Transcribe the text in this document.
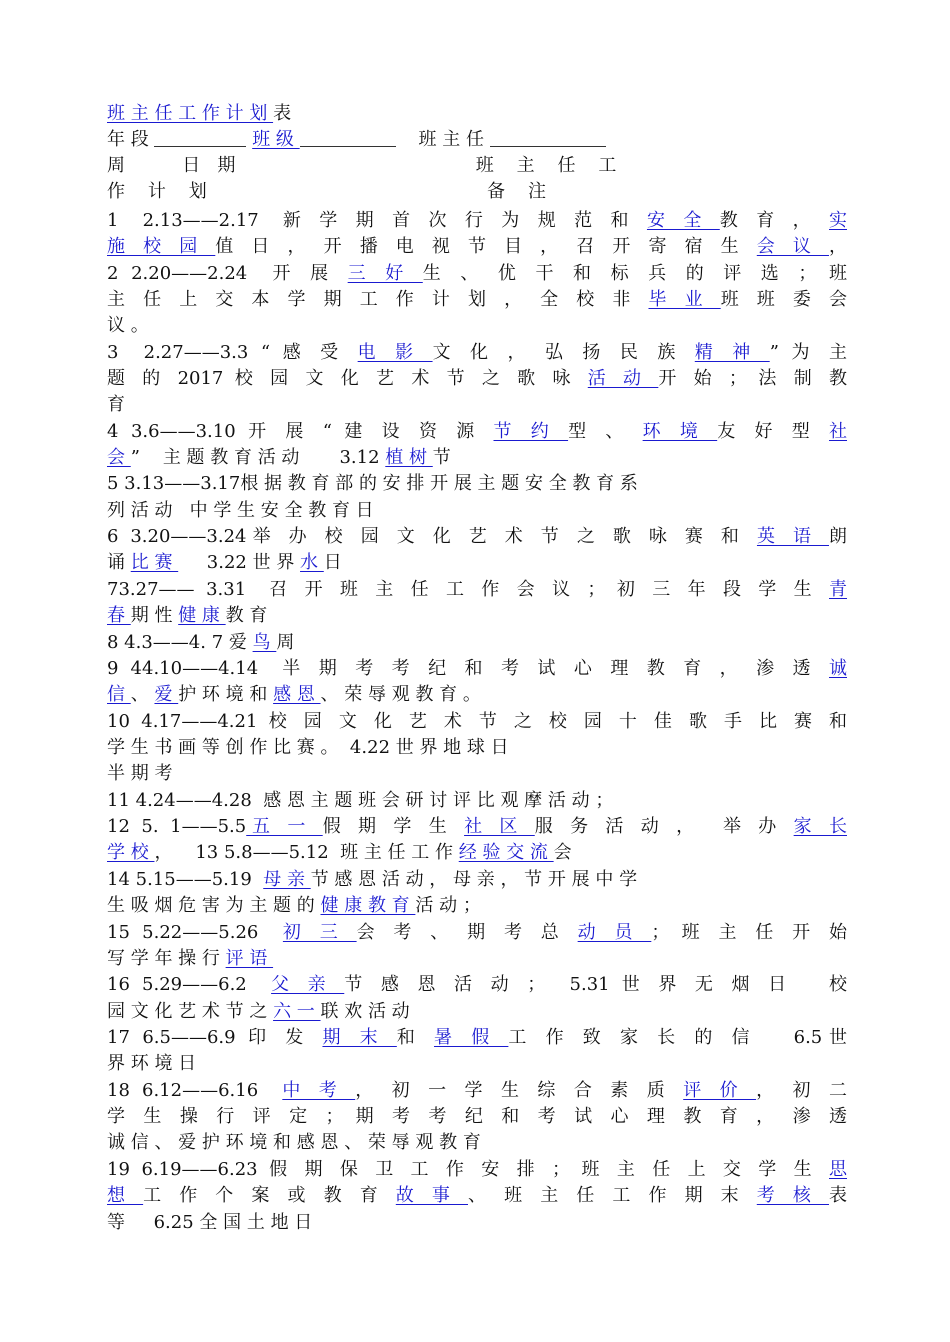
班 主 任 工 作 计 划 表
年 段	班 级	班 主 任
周          日   期                                          班    主    任    工
作    计    划                                                 备    注
1  2.13——2.17  新 学 期 首 次 行 为 规 范 和 安 全 教 育 ， 实
施 校 园 值 日 ， 开 播 电 视 节 目 ， 召 开 寄 宿 生 会 议 ，
2 2.20——2.24  开 展 三 好 生 、 优 干 和 标 兵 的 评 选 ； 班
主 任 上 交 本 学 期 工 作 计 划 ， 全 校 非 毕 业 班 班 委 会
议 。
3  2.27——3.3 “ 感 受 电 影 文 化 ， 弘 扬 民 族 精 神 ” 为 主
题 的 2017 校 园 文 化 艺 术 节 之 歌 咏 活 动 开 始 ； 法 制 教
育
4 3.6——3.10 开 展 “ 建 设 资 源 节 约 型 、 环 境 友 好 型 社
会 ”    主 题 教 育 活 动       3.12 植 树 节
5 3.13——3.17根 据 教 育 部 的 安 排 开 展 主 题 安 全 教 育 系
列 活 动   中 学 生 安 全 教 育 日
6 3.20——3.24举 办 校 园 文 化 艺 术 节 之 歌 咏 赛 和 英 语 朗
诵 比 赛      3.22 世 界 水 日
73.27—— 3.31  召 开 班 主 任 工 作 会 议 ； 初 三 年 段 学 生 青
春 期 性 健 康 教 育
8 4.3——4. 7 爱 鸟 周
9 44.10——4.14  半 期 考 考 纪 和 考 试 心 理 教 育 ， 渗 透 诚
信 、 爱 护 环 境 和 感 恩 、 荣 辱 观 教 育 。
10 4.17——4.21 校 园 文 化 艺 术 节 之 校 园 十 佳 歌 手 比 赛 和
学 生 书 画 等 创 作 比 赛 。  4.22 世 界 地 球 日
半 期 考
11 4.24——4.28  感 恩 主 题 班 会 研 讨 评 比 观 摩 活 动 ；
12 5. 1——5.5五 一 假 期 学 生 社 区 服 务 活 动 ，  举 办 家 长
学 校 ，    13 5.8——5.12  班 主 任 工 作 经 验 交 流 会
14 5.15——5.19  母 亲 节 感 恩 活 动 ， 母 亲 ， 节 开 展 中 学
生 吸 烟 危 害 为 主 题 的 健 康 教 育 活 动 ；
15 5.22——5.26  初 三 会 考 、 期 考 总 动 员 ； 班 主 任 开 始
写 学 年 操 行 评 语
16 5.29——6.2  父 亲 节 感 恩 活 动 ；  5.31 世 界 无 烟 日   校
园 文 化 艺 术 节 之 六 一 联 欢 活 动
17 6.5——6.9 印 发 期 末 和 暑 假 工 作 致 家 长 的 信   6.5世
界 环 境 日
18 6.12——6.16  中 考 ， 初 一 学 生 综 合 素 质 评 价 ， 初 二
学 生 操 行 评 定 ； 期 考 考 纪 和 考 试 心 理 教 育 ， 渗 透
诚 信 、 爱 护 环 境 和 感 恩 、 荣 辱 观 教 育
19 6.19——6.23 假 期 保 卫 工 作 安 排 ； 班 主 任 上 交 学 生 思
想 工 作 个 案 或 教 育 故 事 、 班 主 任 工 作 期 末 考 核 表
等     6.25 全 国 土 地 日
